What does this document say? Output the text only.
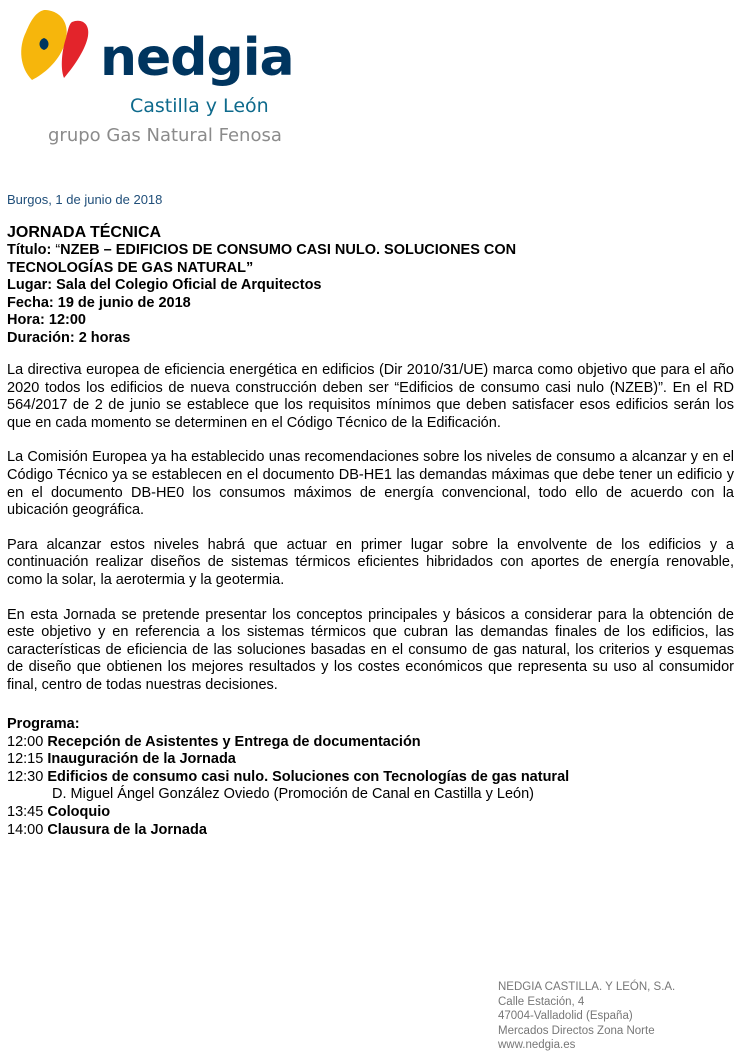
nedgia
Castilla y León
grupo Gas Natural Fenosa
Burgos, 1 de junio de 2018
JORNADA TÉCNICA
Título: “NZEB – EDIFICIOS DE CONSUMO CASI NULO. SOLUCIONES CON
TECNOLOGÍAS DE GAS NATURAL”
Lugar: Sala del Colegio Oficial de Arquitectos
Fecha: 19 de junio de 2018
Hora: 12:00
Duración: 2 horas

La directiva europea de eficiencia energética en edificios (Dir 2010/31/UE) marca como objetivo que para el año 2020 todos los edificios de nueva construcción deben ser “Edificios de consumo casi nulo (NZEB)”. En el RD 564/2017 de 2 de junio se establece que los requisitos mínimos que deben satisfacer esos edificios serán los que en cada momento se determinen en el Código Técnico de la Edificación.

La Comisión Europea ya ha establecido unas recomendaciones sobre los niveles de consumo a alcanzar y en el Código Técnico ya se establecen en el documento DB-HE1 las demandas máximas que debe tener un edificio y en el documento DB-HE0 los consumos máximos de energía convencional, todo ello de acuerdo con la ubicación geográfica.

Para alcanzar estos niveles habrá que actuar en primer lugar sobre la envolvente de los edificios y a continuación realizar diseños de sistemas térmicos eficientes hibridados con aportes de energía renovable, como la solar, la aerotermia y la geotermia.

En esta Jornada se pretende presentar los conceptos principales y básicos a considerar para la obtención de este objetivo y en referencia a los sistemas térmicos que cubran las demandas finales de los edificios, las características de eficiencia de las soluciones basadas en el consumo de gas natural, los criterios y esquemas de diseño que obtienen los mejores resultados y los costes económicos que representa su uso al consumidor final, centro de todas nuestras decisiones.

Programa:
12:00 Recepción de Asistentes y Entrega de documentación
12:15 Inauguración de la Jornada
12:30 Edificios de consumo casi nulo. Soluciones con Tecnologías de gas natural
D. Miguel Ángel González Oviedo (Promoción de Canal en Castilla y León)
13:45 Coloquio
14:00 Clausura de la Jornada
NEDGIA CASTILLA. Y LEÓN, S.A.
Calle Estación, 4
47004-Valladolid (España)
Mercados Directos Zona Norte
www.nedgia.es
